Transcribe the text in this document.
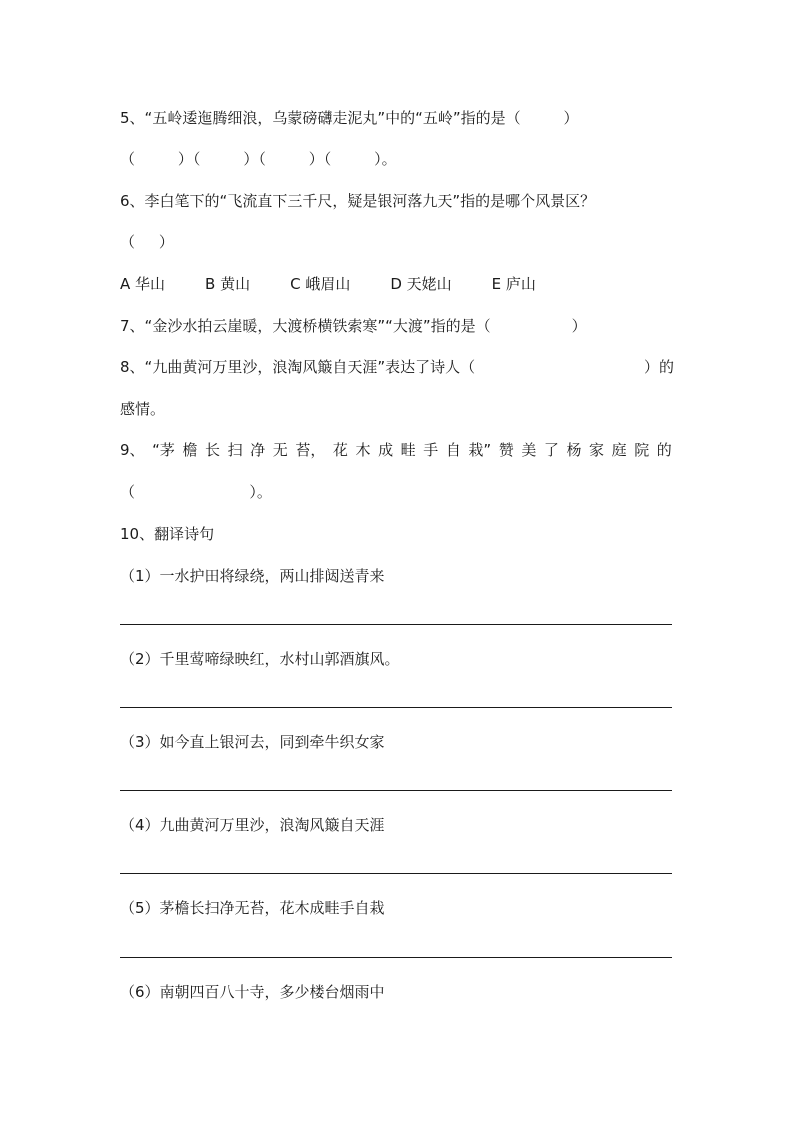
5、“五岭逶迤腾细浪，乌蒙磅礴走泥丸”中的“五岭”指的是（         ）
（         ）（         ）（         ）（         ）。
6、李白笔下的“飞流直下三千尺，疑是银河落九天”指的是哪个风景区？
（     ）
A 华山	B 黄山	C 峨眉山	D 天姥山	E 庐山
7、“金沙水拍云崖暖，大渡桥横铁索寒”“大渡”指的是（                 ）
8、“九曲黄河万里沙，浪淘风簸自天涯”表达了诗人（	）的
感情。
9、 “茅 檐 长 扫 净 无 苔， 花 木 成 畦 手 自 栽” 赞 美 了 杨 家 庭 院 的
（                        ）。
10、翻译诗句
（1）一水护田将绿绕，两山排闼送青来
（2）千里莺啼绿映红，水村山郭酒旗风。
（3）如今直上银河去，同到牵牛织女家
（4）九曲黄河万里沙，浪淘风簸自天涯
（5）茅檐长扫净无苔，花木成畦手自栽
（6）南朝四百八十寺，多少楼台烟雨中
